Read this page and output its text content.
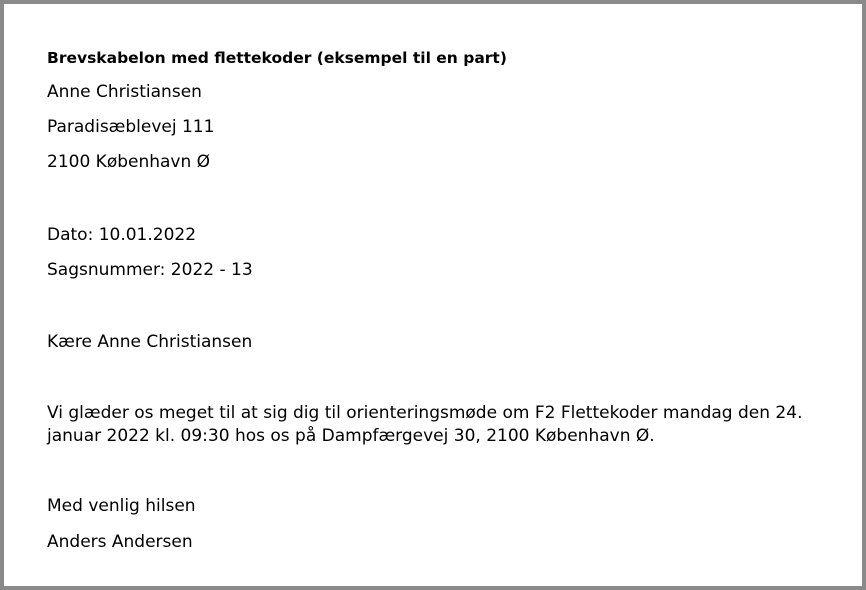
Brevskabelon med flettekoder (eksempel til en part)
Anne Christiansen
Paradisæblevej 111
2100 København Ø
Dato: 10.01.2022
Sagsnummer: 2022 - 13
Kære Anne Christiansen
Vi glæder os meget til at sig dig til orienteringsmøde om F2 Flettekoder mandag den 24.
januar 2022 kl. 09:30 hos os på Dampfærgevej 30, 2100 København Ø.
Med venlig hilsen
Anders Andersen
